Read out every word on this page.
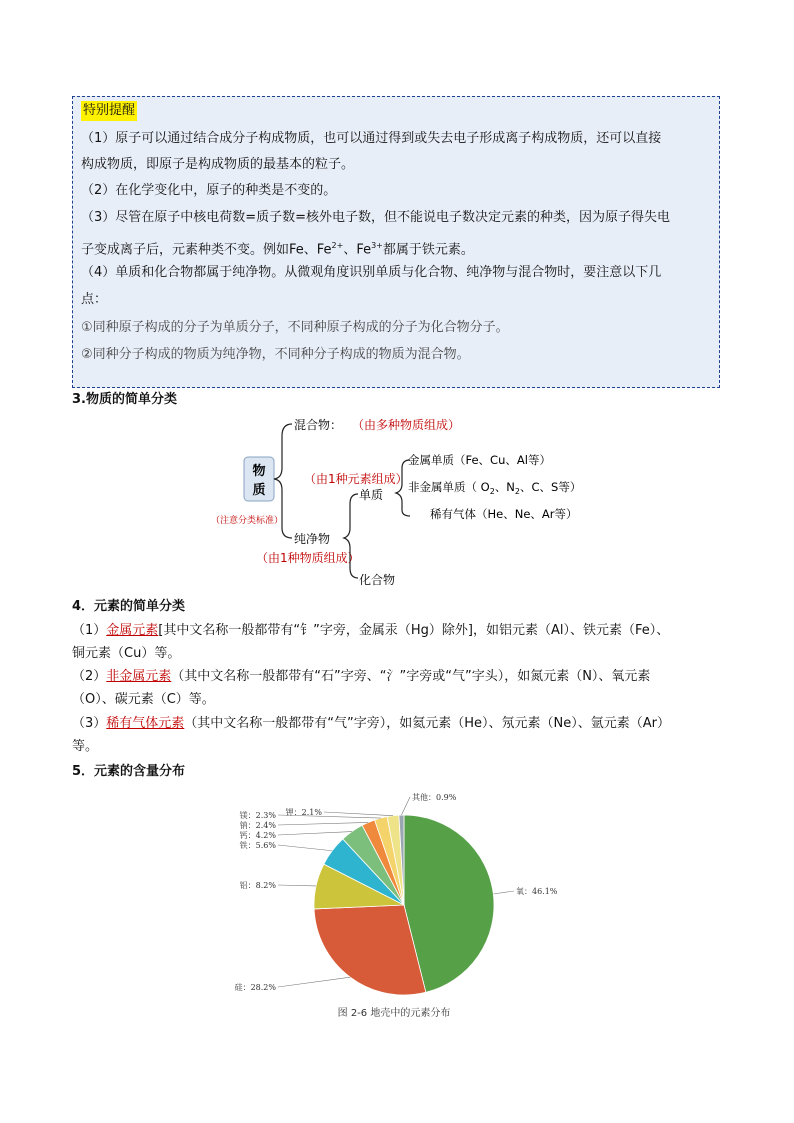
特别提醒
（1）原子可以通过结合成分子构成物质，也可以通过得到或失去电子形成离子构成物质，还可以直接
构成物质，即原子是构成物质的最基本的粒子。
（2）在化学变化中，原子的种类是不变的。
（3）尽管在原子中核电荷数=质子数=核外电子数，但不能说电子数决定元素的种类，因为原子得失电
子变成离子后，元素种类不变。例如Fe、$Fe^{2+}$、$Fe^{3+}$都属于铁元素。
（4）单质和化合物都属于纯净物。从微观角度识别单质与化合物、纯净物与混合物时，要注意以下几
点：
①同种原子构成的分子为单质分子，不同种原子构成的分子为化合物分子。
②同种分子构成的物质为纯净物，不同种分子构成的物质为混合物。
3.物质的简单分类
物
质
（注意分类标准）
混合物： （由多种物质组成）
纯净物
（由1种物质组成）
单质
（由1种元素组成）
化合物
金属单质（Fe、Cu、Al等）
非金属单质（ $O_2$、$N_2$、C、S等）
稀有气体（He、Ne、Ar等）
4．元素的简单分类
（1）金属元素[其中文名称一般都带有“钅”字旁，金属汞（Hg）除外]，如铝元素（Al）、铁元素（Fe）、
铜元素（Cu）等。
（2）非金属元素（其中文名称一般都带有“石”字旁、“氵”字旁或“气”字头），如氮元素（N）、氧元素
（O）、碳元素（C）等。
（3）稀有气体元素（其中文名称一般都带有“气”字旁），如氦元素（He）、氖元素（Ne）、氩元素（Ar）
等。
5．元素的含量分布
氧：46.1%
硅：28.2%
铝：8.2%
铁：5.6%
钙：4.2%
钠：2.4%
镁：2.3% 钾：2.1%
其他：0.9%
图 2-6 地壳中的元素分布
